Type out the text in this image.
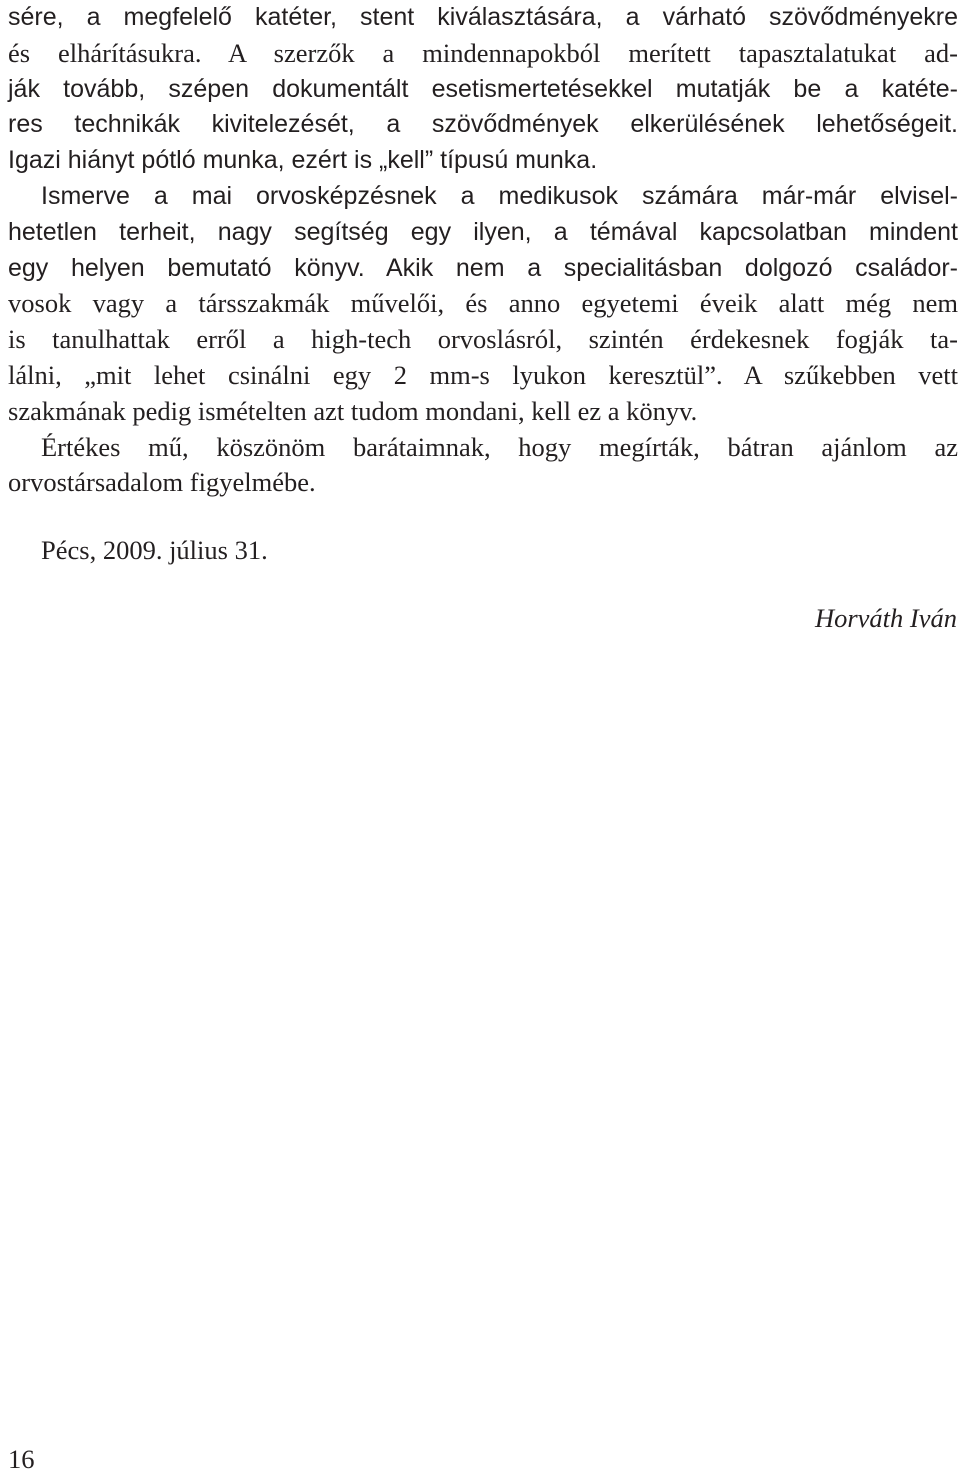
sére, a megfelelő katéter, stent kiválasztására, a várható szövődményekre
és elhárításukra. A szerzők a mindennapokból merített tapasztalatukat ad-
ják tovább, szépen dokumentált esetismertetésekkel mutatják be a katéte-
res technikák kivitelezését, a szövődmények elkerülésének lehetőségeit.
Igazi hiányt pótló munka, ezért is „kell” típusú munka.
Ismerve a mai orvosképzésnek a medikusok számára már-már elvisel-
hetetlen terheit, nagy segítség egy ilyen, a témával kapcsolatban mindent
egy helyen bemutató könyv. Akik nem a specialitásban dolgozó családor-
vosok vagy a társszakmák művelői, és anno egyetemi éveik alatt még nem
is tanulhattak erről a high-tech orvoslásról, szintén érdekesnek fogják ta-
lálni, „mit lehet csinálni egy 2 mm-s lyukon keresztül”. A szűkebben vett
szakmának pedig ismételten azt tudom mondani, kell ez a könyv.
Értékes mű, köszönöm barátaimnak, hogy megírták, bátran ajánlom az
orvostársadalom figyelmébe.
Pécs, 2009. július 31.
Horváth Iván
16
